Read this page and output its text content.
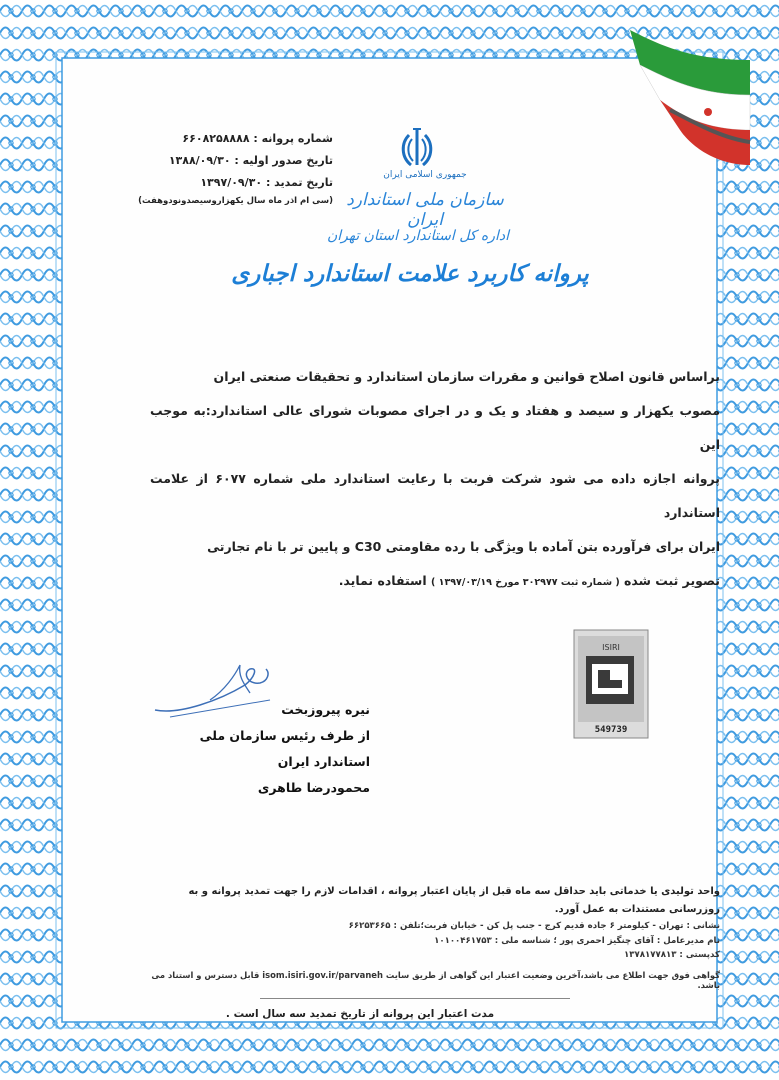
شماره پروانه : ۶۶۰۸۲۵۸۸۸۸
تاریخ صدور اولیه : ۱۳۸۸/۰۹/۳۰
تاریخ تمدید : ۱۳۹۷/۰۹/۳۰
(سی ام اذر ماه سال یکهزاروسیصدونودوهفت)
جمهوری اسلامی ایران
سازمان ملی استاندارد ایران
اداره کل استاندارد استان تهران
پروانه کاربرد علامت استاندارد اجباری
براساس قانون اصلاح قوانین و مقررات سازمان استاندارد و تحقیقات صنعتی ایران
مصوب یکهزار و سیصد و هفتاد و یک و در اجرای مصوبات شورای عالی استاندارد:به موجب این
پروانه اجازه داده می شود شرکت فربت با رعایت استاندارد ملی شماره ۶۰۷۷ از علامت استاندارد
ایران برای فرآورده بتن آماده با ویژگی با رده مقاومتی C30 و پایین تر با نام تجارتی
تصویر ثبت شده ( شماره ثبت ۳۰۲۹۷۷ مورخ ۱۳۹۷/۰۳/۱۹ ) استفاده نماید.
ISIRI
549739
نیره پیروزبخت
از طرف رئیس سازمان ملی استاندارد ایران
محمودرضا طاهری
واحد تولیدی یا خدماتی باید حداقل سه ماه قبل از پایان اعتبار پروانه ، اقدامات لازم را جهت تمدید پروانه و به روزرسانی مستندات به عمل آورد.
نشانی : تهران - کیلومتر ۶ جاده قدیم کرج - جنب پل کن - خیابان فربت؛تلفن : ۶۶۲۵۳۶۶۵
نام مدیرعامل : آقای چنگیز احمری پور ؛ شناسه ملی : ۱۰۱۰۰۴۶۱۷۵۳
کدپستی : ۱۳۷۸۱۷۷۸۱۳
گواهی فوق جهت اطلاع می باشد،آخرین وضعیت اعتبار این گواهی از طریق سایت isom.isiri.gov.ir/parvaneh قابل دسترس و استناد می باشد.
مدت اعتبار این پروانه از تاریخ تمدید سه سال است .
